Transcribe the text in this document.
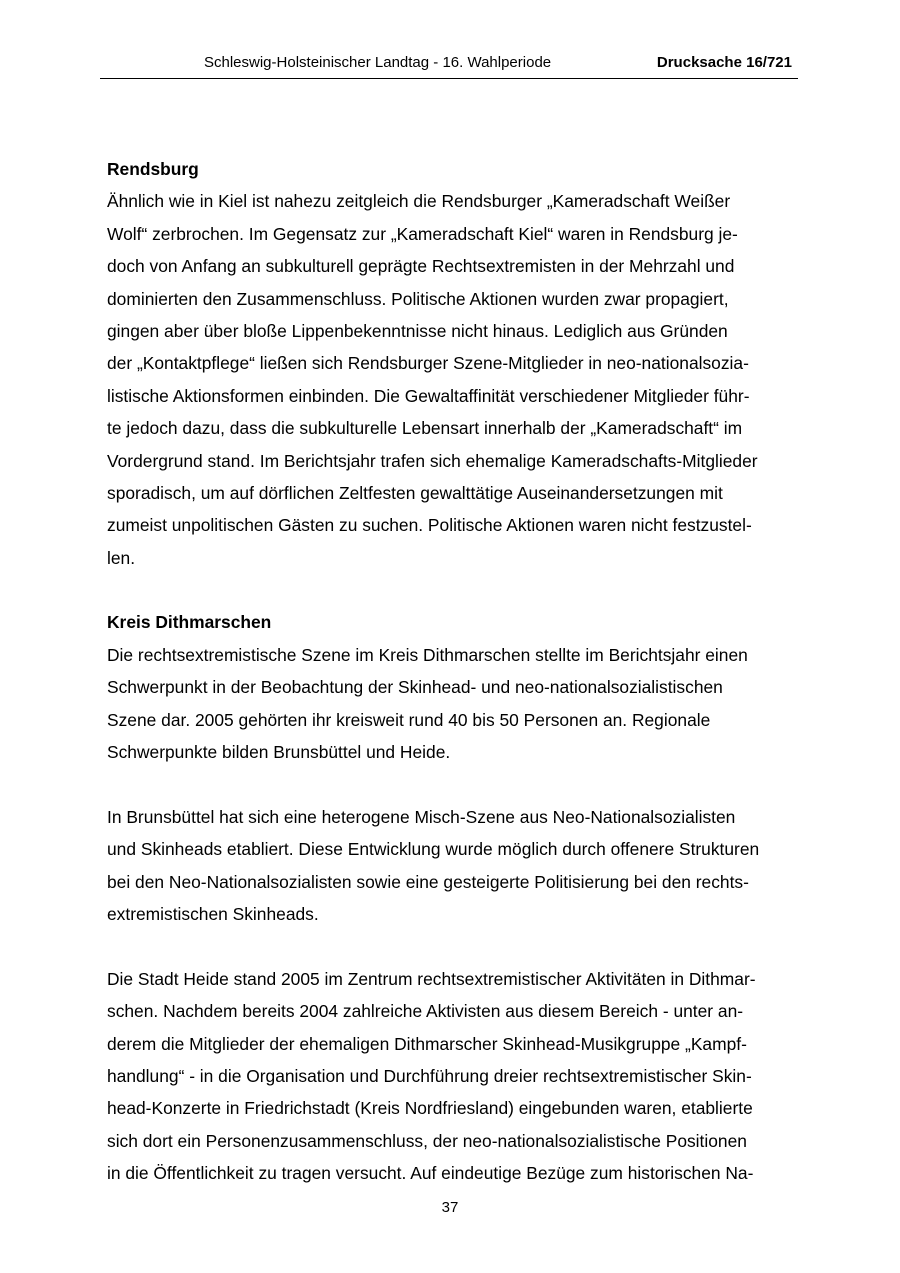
Schleswig-Holsteinischer Landtag - 16. Wahlperiode	Drucksache 16/721
Rendsburg
Ähnlich wie in Kiel ist nahezu zeitgleich die Rendsburger „Kameradschaft Weißer
Wolf“ zerbrochen. Im Gegensatz zur „Kameradschaft Kiel“ waren in Rendsburg je-
doch von Anfang an subkulturell geprägte Rechtsextremisten in der Mehrzahl und
dominierten den Zusammenschluss. Politische Aktionen wurden zwar propagiert,
gingen aber über bloße Lippenbekenntnisse nicht hinaus. Lediglich aus Gründen
der „Kontaktpflege“ ließen sich Rendsburger Szene-Mitglieder in neo-nationalsozia-
listische Aktionsformen einbinden. Die Gewaltaffinität verschiedener Mitglieder führ-
te jedoch dazu, dass die subkulturelle Lebensart innerhalb der „Kameradschaft“ im
Vordergrund stand. Im Berichtsjahr trafen sich ehemalige Kameradschafts-Mitglieder
sporadisch, um auf dörflichen Zeltfesten gewalttätige Auseinandersetzungen mit
zumeist unpolitischen Gästen zu suchen. Politische Aktionen waren nicht festzustel-
len.
Kreis Dithmarschen
Die rechtsextremistische Szene im Kreis Dithmarschen stellte im Berichtsjahr einen
Schwerpunkt in der Beobachtung der Skinhead- und neo-nationalsozialistischen
Szene dar. 2005 gehörten ihr kreisweit rund 40 bis 50 Personen an. Regionale
Schwerpunkte bilden Brunsbüttel und Heide.
In Brunsbüttel hat sich eine heterogene Misch-Szene aus Neo-Nationalsozialisten
und Skinheads etabliert. Diese Entwicklung wurde möglich durch offenere Strukturen
bei den Neo-Nationalsozialisten sowie eine gesteigerte Politisierung bei den rechts-
extremistischen Skinheads.
Die Stadt Heide stand 2005 im Zentrum rechtsextremistischer Aktivitäten in Dithmar-
schen. Nachdem bereits 2004 zahlreiche Aktivisten aus diesem Bereich - unter an-
derem die Mitglieder der ehemaligen Dithmarscher Skinhead-Musikgruppe „Kampf-
handlung“ - in die Organisation und Durchführung dreier rechtsextremistischer Skin-
head-Konzerte in Friedrichstadt (Kreis Nordfriesland) eingebunden waren, etablierte
sich dort ein Personenzusammenschluss, der neo-nationalsozialistische Positionen
in die Öffentlichkeit zu tragen versucht. Auf eindeutige Bezüge zum historischen Na-
37
